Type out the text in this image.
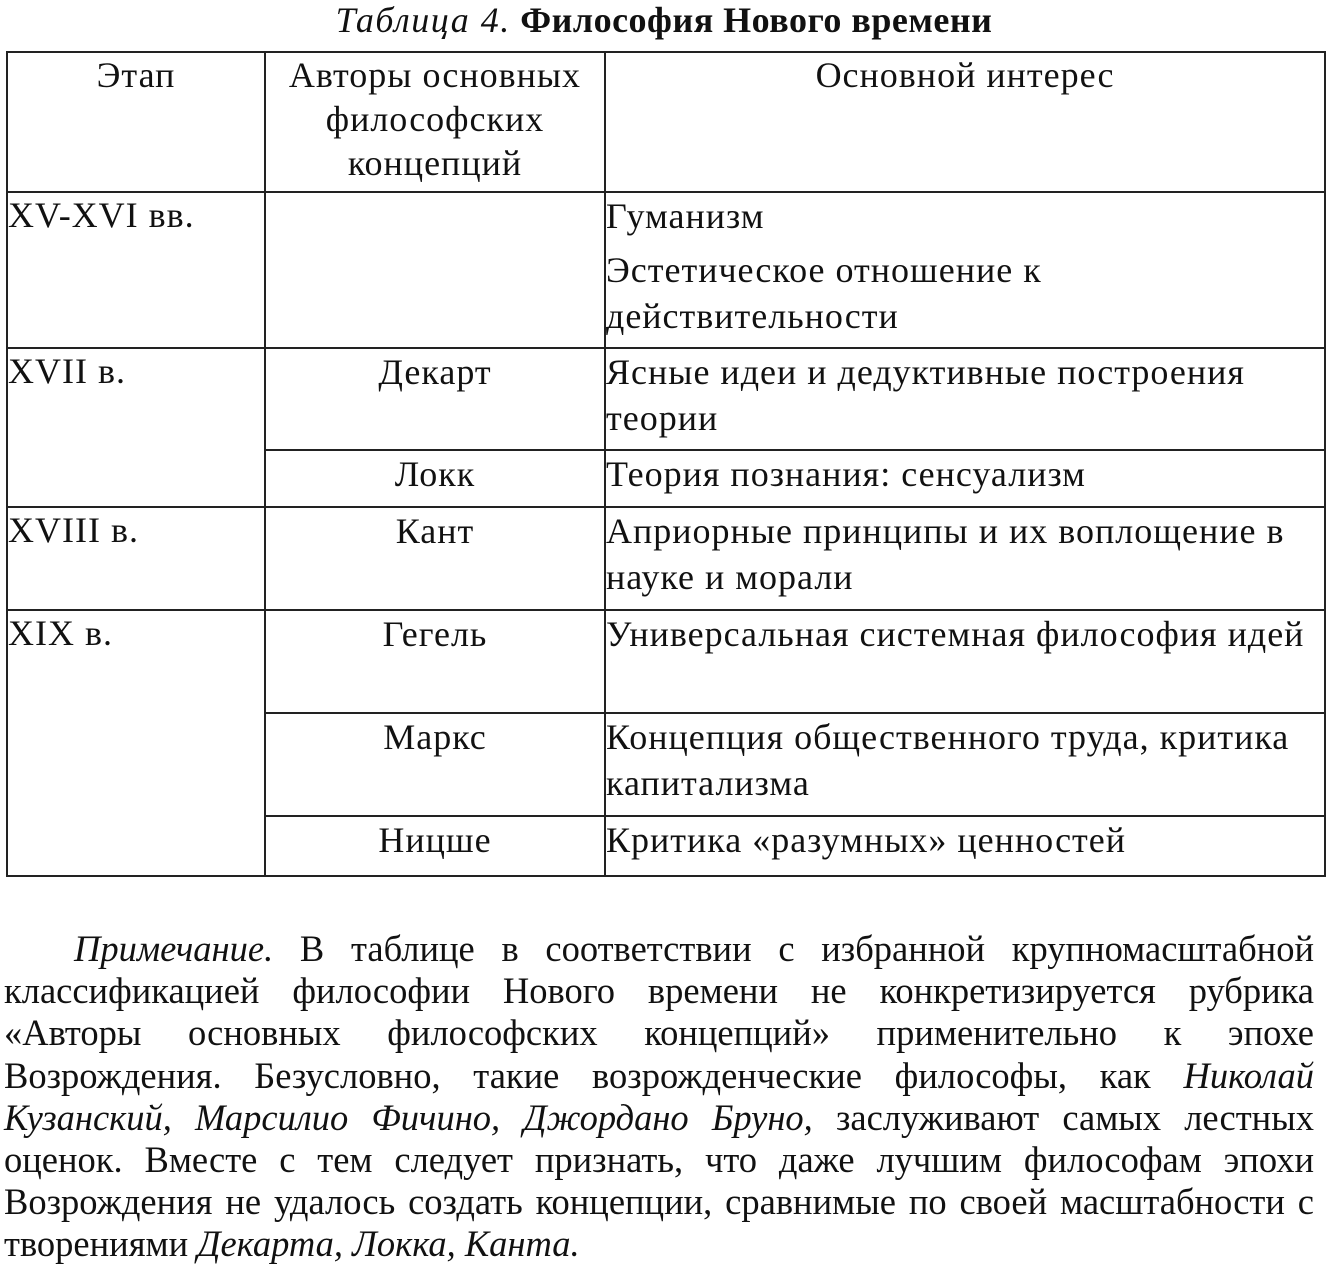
Таблица 4. Философия Нового времени
Этап	Авторы основных философских концепций	Основной интерес
XV-XVI вв.		Гуманизм
Эстетическое отношение к действительности

XVII в.	Декарт	Ясные идеи и дедуктивные построения теории
	Локк	Теория познания: сенсуализм
XVIII в.	Кант	Априорные принципы и их воплощение в науке и морали
XIX в.	Гегель	Универсальная системная философия идей
	Маркс	Концепция общественного труда, критика капитализма
	Ницше	Критика «разумных» ценностей
Примечание. В таблице в соответствии с избранной крупномасштабной классификацией философии Нового времени не конкретизируется рубрика «Авторы основных философских концепций» применительно к эпохе Возрождения. Безусловно, такие возрожденческие философы, как Николай Кузанский, Марсилио Фичино, Джордано Бруно, заслуживают самых лестных оценок. Вместе с тем следует признать, что даже лучшим философам эпохи Возрождения не удалось создать концепции, сравнимые по своей масштабности с творениями Декарта, Локка, Канта.
